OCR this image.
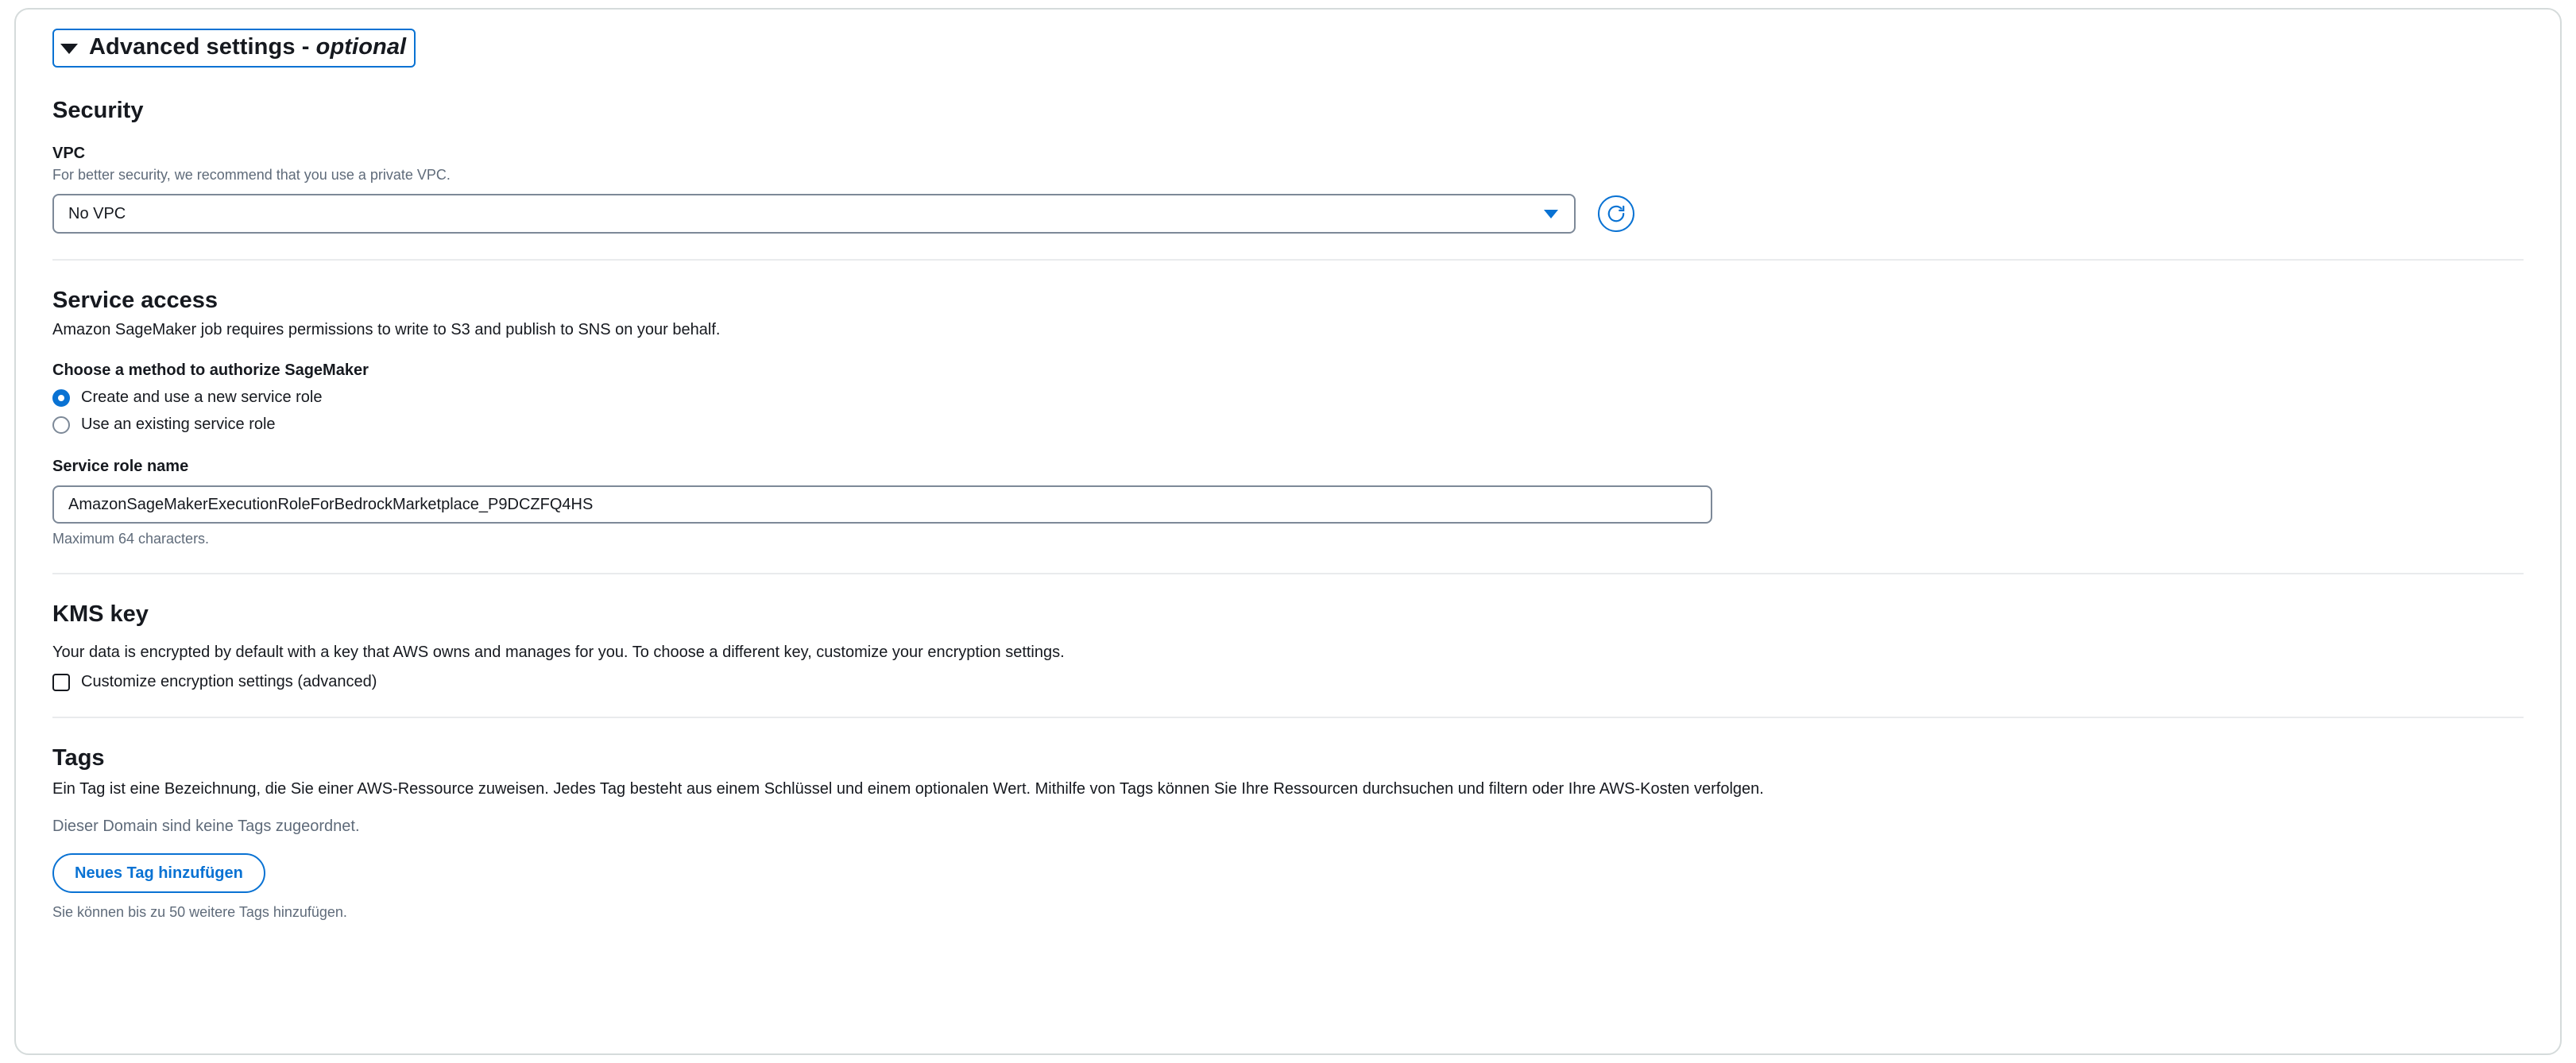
Advanced settings - optional
Security
VPC
For better security, we recommend that you use a private VPC.
No VPC
Service access
Amazon SageMaker job requires permissions to write to S3 and publish to SNS on your behalf.
Choose a method to authorize SageMaker
Create and use a new service role
Use an existing service role
Service role name
AmazonSageMakerExecutionRoleForBedrockMarketplace_P9DCZFQ4HS
Maximum 64 characters.
KMS key
Your data is encrypted by default with a key that AWS owns and manages for you. To choose a different key, customize your encryption settings.
Customize encryption settings (advanced)
Tags
Ein Tag ist eine Bezeichnung, die Sie einer AWS-Ressource zuweisen. Jedes Tag besteht aus einem Schlüssel und einem optionalen Wert. Mithilfe von Tags können Sie Ihre Ressourcen durchsuchen und filtern oder Ihre AWS-Kosten verfolgen.
Dieser Domain sind keine Tags zugeordnet.
Neues Tag hinzufügen
Sie können bis zu 50 weitere Tags hinzufügen.
